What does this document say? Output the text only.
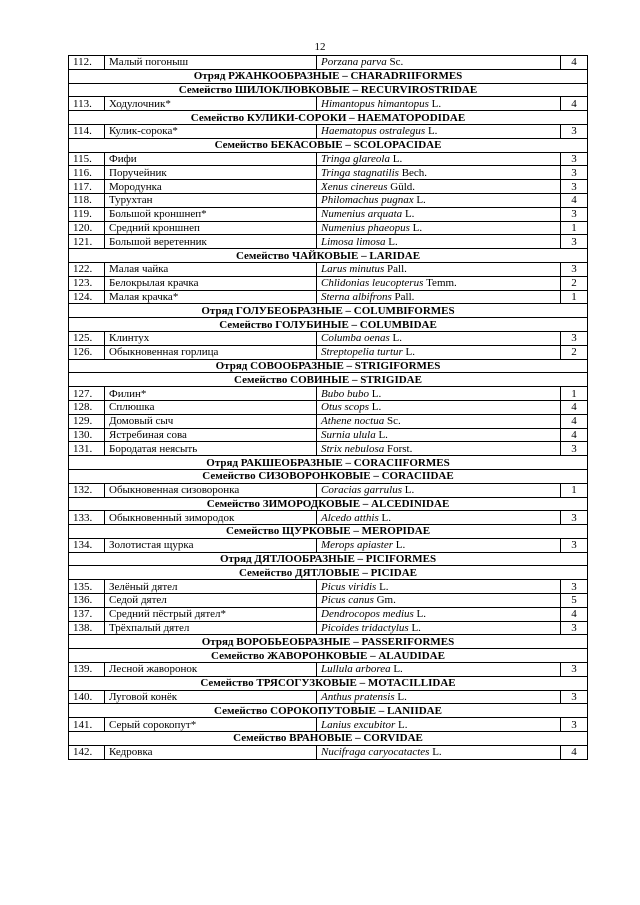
12
112.	Малый погоныш	Porzana parva Sc.	4
Отряд РЖАНКООБРАЗНЫЕ – CHARADRIIFORMES			
Семейство ШИЛОКЛЮВКОВЫЕ – RECURVIROSTRIDAE			
113.	Ходулочник*	Himantopus himantopus L.	4
Семейство КУЛИКИ-СОРОКИ – HAEMATOPODIDAE			
114.	Кулик-сорока*	Haematopus ostralegus L.	3
Семейство БЕКАСОВЫЕ – SCOLOPACIDAE			
115.	Фифи	Tringa glareola L.	3
116.	Поручейник	Tringa stagnatilis Bech.	3
117.	Мородунка	Xenus cinereus Güld.	3
118.	Турухтан	Philomachus pugnax L.	4
119.	Большой кроншнеп*	Numenius arquata L.	3
120.	Средний кроншнеп	Numenius phaeopus L.	1
121.	Большой веретенник	Limosa limosa L.	3
Семейство ЧАЙКОВЫЕ – LARIDAE			
122.	Малая чайка	Larus minutus Pall.	3
123.	Белокрылая крачка	Chlidonias leucopterus Temm.	2
124.	Малая крачка*	Sterna albifrons Pall.	1
Отряд ГОЛУБЕОБРАЗНЫЕ – COLUMBIFORMES			
Семейство ГОЛУБИНЫЕ – COLUMBIDAE			
125.	Клинтух	Columba oenas L.	3
126.	Обыкновенная горлица	Streptopelia turtur L.	2
Отряд СОВООБРАЗНЫЕ – STRIGIFORMES			
Семейство СОВИНЫЕ – STRIGIDAE			
127.	Филин*	Bubo bubo L.	1
128.	Сплюшка	Otus scops L.	4
129.	Домовый сыч	Athene noctua Sc.	4
130.	Ястребиная сова	Surnia ulula L.	4
131.	Бородатая неясыть	Strix nebulosa Forst.	3
Отряд РАКШЕОБРАЗНЫЕ – CORACIIFORMES			
Семейство СИЗОВОРОНКОВЫЕ – CORACIIDAE			
132.	Обыкновенная сизоворонка	Coracias garrulus L.	1
Семейство ЗИМОРОДКОВЫЕ – ALCEDINIDAE			
133.	Обыкновенный зимородок	Alcedo atthis L.	3
Семейство ЩУРКОВЫЕ – MEROPIDAE			
134.	Золотистая щурка	Merops apiaster L.	3
Отряд ДЯТЛООБРАЗНЫЕ – PICIFORMES			
Семейство ДЯТЛОВЫЕ – PICIDAE			
135.	Зелёный дятел	Picus viridis L.	3
136.	Седой дятел	Picus canus Gm.	5
137.	Средний пёстрый дятел*	Dendrocopos medius L.	4
138.	Трёхпалый дятел	Picoides tridactylus L.	3
Отряд ВОРОБЬЕОБРАЗНЫЕ – PASSERIFORMES			
Семейство ЖАВОРОНКОВЫЕ – ALAUDIDAE			
139.	Лесной жаворонок	Lullula arborea L.	3
Семейство ТРЯСОГУЗКОВЫЕ – MOTACILLIDAE			
140.	Луговой конёк	Anthus pratensis L.	3
Семейство СОРОКОПУТОВЫЕ – LANIIDAE			
141.	Серый сорокопут*	Lanius excubitor L.	3
Семейство ВРАНОВЫЕ – CORVIDAE			
142.	Кедровка	Nucifraga caryocatactes L.	4
